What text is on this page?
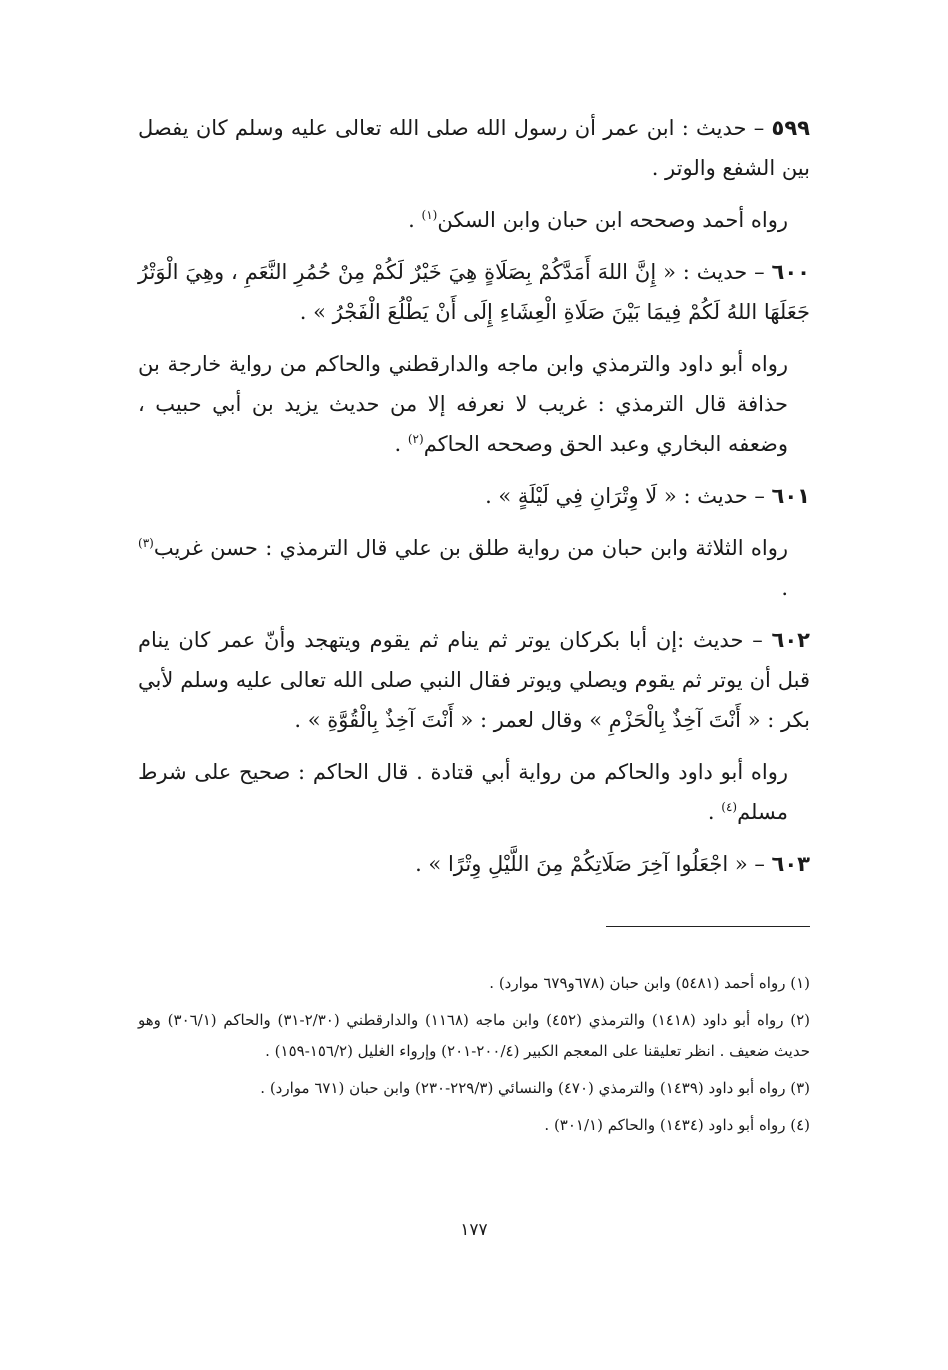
٥٩٩ – حديث : ابن عمر أن رسول الله صلى الله تعالى عليه وسلم كان يفصل بين الشفع والوتر .

رواه أحمد وصححه ابن حبان وابن السكن$^{(١)}$ .

٦٠٠ – حديث : « إِنَّ اللهَ أَمَدَّكُمْ بِصَلَاةٍ هِيَ خَيْرٌ لَكُمْ مِنْ حُمُرِ النَّعَمِ ، وهِيَ الْوَتْرُ جَعَلَهَا اللهُ لَكُمْ فِيمَا بَيْنَ صَلَاةِ الْعِشَاءِ إِلَى أَنْ يَطْلُعَ الْفَجْرُ » .

رواه أبو داود والترمذي وابن ماجه والدارقطني والحاكم من رواية خارجة بن حذافة قال الترمذي : غريب لا نعرفه إلا من حديث يزيد بن أبي حبيب ، وضعفه البخاري وعبد الحق وصححه الحاكم$^{(٢)}$ .

٦٠١ – حديث : « لَا وِتْرَانِ فِي لَيْلَةٍ » .

رواه الثلاثة وابن حبان من رواية طلق بن علي قال الترمذي : حسن غريب$^{(٣)}$ .

٦٠٢ – حديث :إن أبا بكركان يوتر ثم ينام ثم يقوم ويتهجد وأنّ عمر كان ينام قبل أن يوتر ثم يقوم ويصلي ويوتر فقال النبي صلى الله تعالى عليه وسلم لأبي بكر : « أَنْتَ آخِذٌ بِالْحَزْمِ » وقال لعمر : « أَنْتَ آخِذٌ بِالْقُوَّةِ » .

رواه أبو داود والحاكم من رواية أبي قتادة . قال الحاكم : صحيح على شرط مسلم$^{(٤)}$ .

٦٠٣ – « اجْعَلُوا آخِرَ صَلَاتِكُمْ مِنَ اللَّيْلِ وِتْرًا » .

(١) رواه أحمد (٥٤٨١) وابن حبان (٦٧٨و٦٧٩ موارد) .

(٢) رواه أبو داود (١٤١٨) والترمذي (٤٥٢) وابن ماجه (١١٦٨) والدارقطني (٢/٣٠-٣١) والحاكم (٣٠٦/١) وهو حديث ضعيف . انظر تعليقنا على المعجم الكبير (٢٠٠/٤-٢٠١) وإرواء الغليل (١٥٦/٢-١٥٩) .

(٣) رواه أبو داود (١٤٣٩) والترمذي (٤٧٠) والنسائي (٢٢٩/٣-٢٣٠) وابن حبان (٦٧١ موارد) .

(٤) رواه أبو داود (١٤٣٤) والحاكم (٣٠١/١) .

١٧٧
